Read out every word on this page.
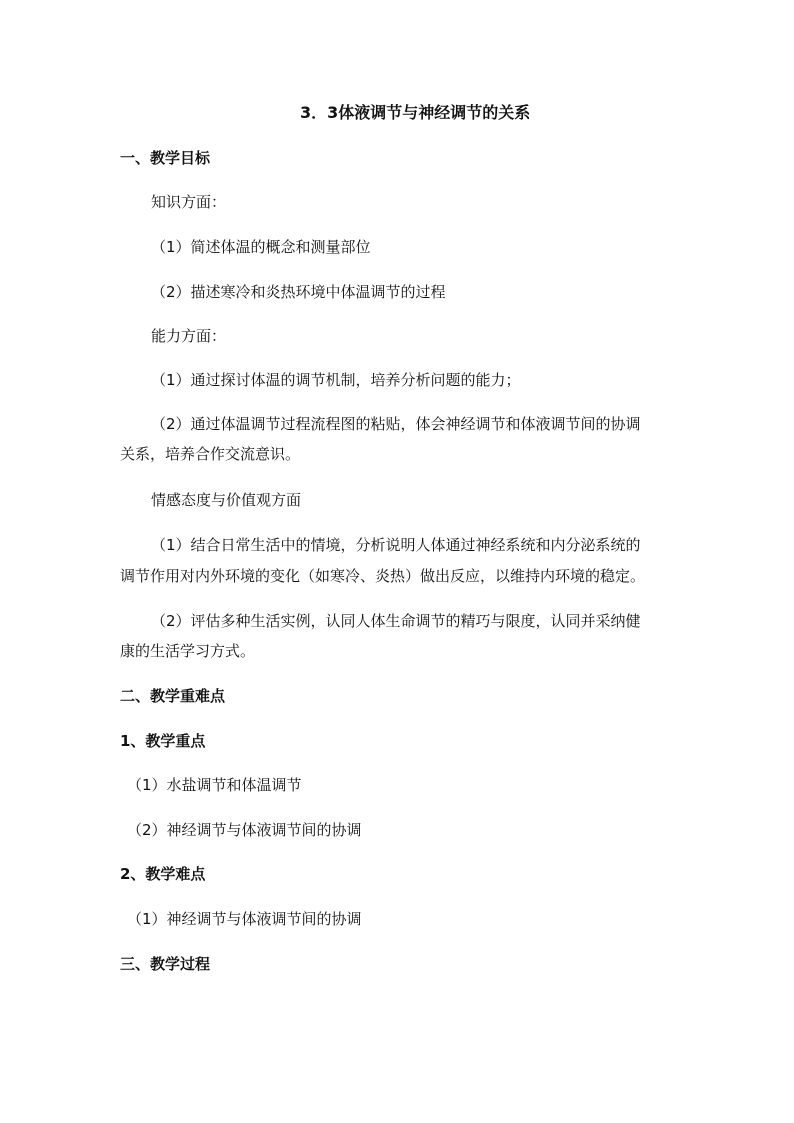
3．3体液调节与神经调节的关系
一、教学目标
知识方面：
（1）简述体温的概念和测量部位
（2）描述寒冷和炎热环境中体温调节的过程
能力方面：
（1）通过探讨体温的调节机制，培养分析问题的能力；
（2）通过体温调节过程流程图的粘贴，体会神经调节和体液调节间的协调
关系，培养合作交流意识。
情感态度与价值观方面
（1）结合日常生活中的情境，分析说明人体通过神经系统和内分泌系统的
调节作用对内外环境的变化（如寒冷、炎热）做出反应，以维持内环境的稳定。
（2）评估多种生活实例，认同人体生命调节的精巧与限度，认同并采纳健
康的生活学习方式。
二、教学重难点
1、教学重点
（1）水盐调节和体温调节
（2）神经调节与体液调节间的协调
2、教学难点
（1）神经调节与体液调节间的协调
三、教学过程
